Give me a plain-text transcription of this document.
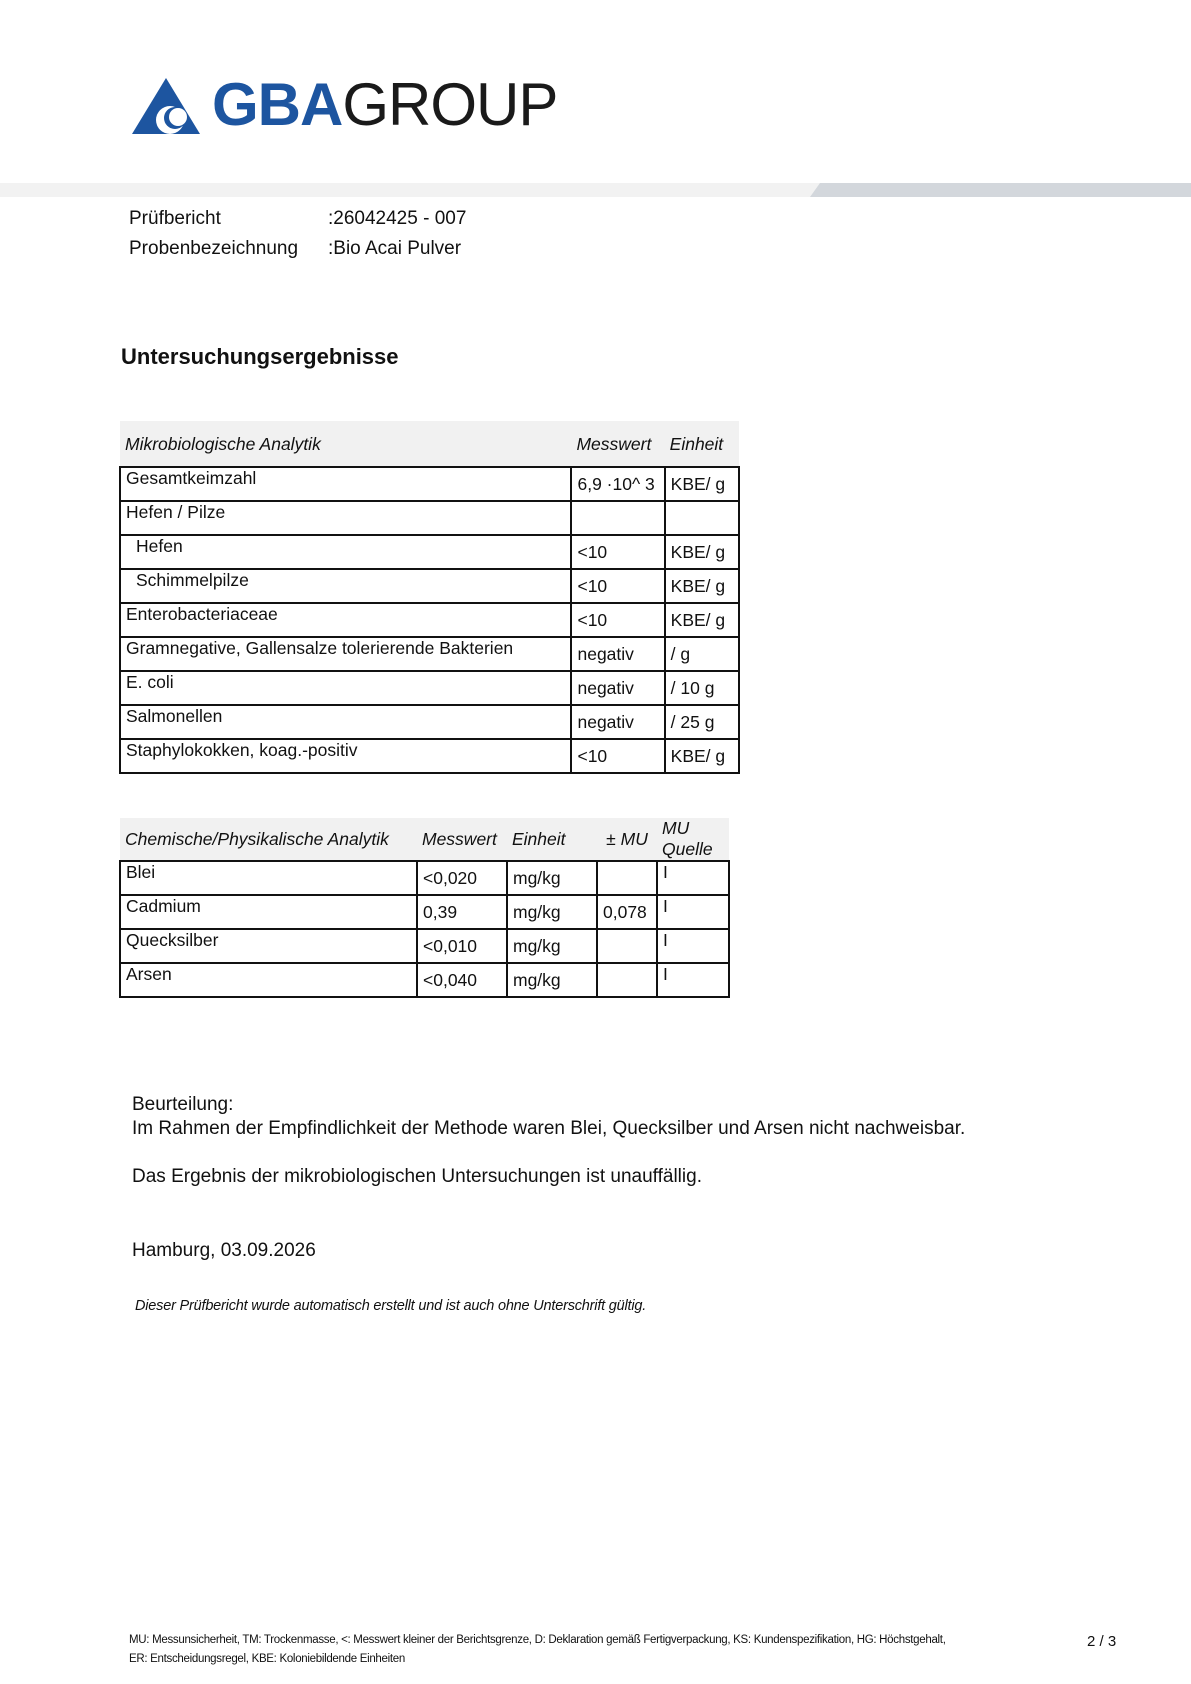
GBAGROUP
Prüfbericht	:26042425 - 007
Probenbezeichnung :Bio Acai Pulver
Untersuchungsergebnisse
Mikrobiologische Analytik	Messwert	Einheit
Gesamtkeimzahl	6,9 ·10^ 3	KBE/ g
Hefen / Pilze		
Hefen	<10	KBE/ g
Schimmelpilze	<10	KBE/ g
Enterobacteriaceae	<10	KBE/ g
Gramnegative, Gallensalze tolerierende Bakterien	negativ	/ g
E. coli	negativ	/ 10 g
Salmonellen	negativ	/ 25 g
Staphylokokken, koag.-positiv	<10	KBE/ g
Chemische/Physikalische Analytik	Messwert	Einheit	± MU	MU Quelle
Blei	<0,020	mg/kg		I
Cadmium	0,39	mg/kg	0,078	I
Quecksilber	<0,010	mg/kg		I
Arsen	<0,040	mg/kg		I
Beurteilung:
Im Rahmen der Empfindlichkeit der Methode waren Blei, Quecksilber und Arsen nicht nachweisbar.
Das Ergebnis der mikrobiologischen Untersuchungen ist unauffällig.
Hamburg, 03.09.2026
Dieser Prüfbericht wurde automatisch erstellt und ist auch ohne Unterschrift gültig.
MU: Messunsicherheit, TM: Trockenmasse, <: Messwert kleiner der Berichtsgrenze, D: Deklaration gemäß Fertigverpackung, KS: Kundenspezifikation, HG: Höchstgehalt,
ER: Entscheidungsregel, KBE: Koloniebildende Einheiten
2 / 3
